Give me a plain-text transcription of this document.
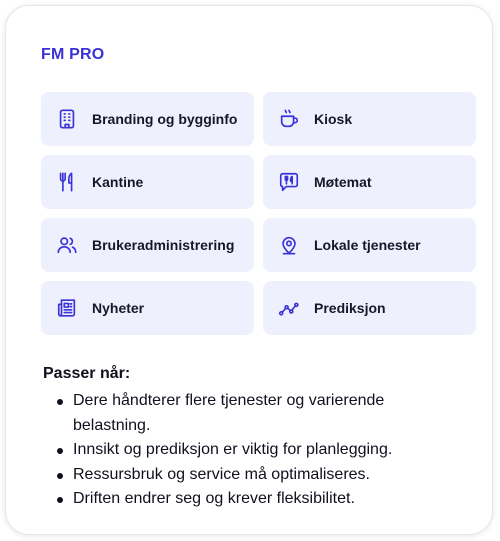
FM PRO
Branding og bygginfo	Kiosk
Kantine	Møtemat
Brukeradministrering	Lokale tjenester
Nyheter	Prediksjon
Passer når:
Dere håndterer flere tjenester og varierende belastning.
Innsikt og prediksjon er viktig for planlegging.
Ressursbruk og service må optimaliseres.
Driften endrer seg og krever fleksibilitet.
